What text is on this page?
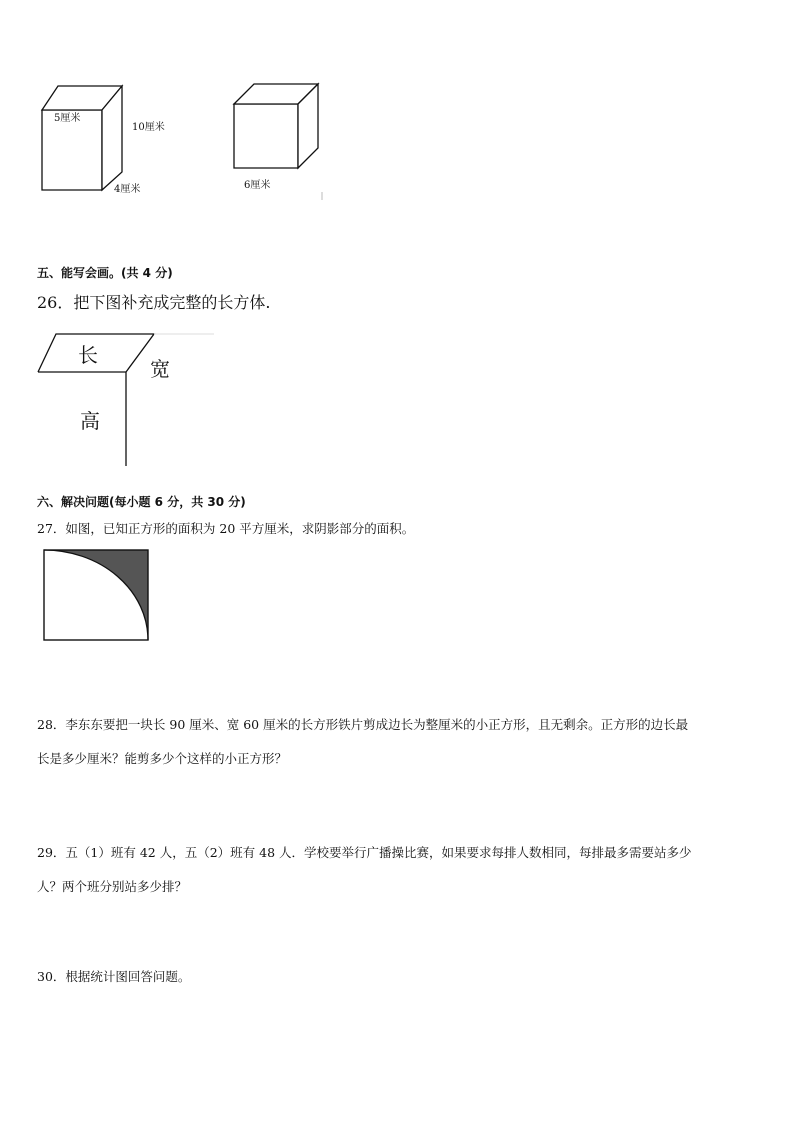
5厘米
10厘米
4厘米	6厘米
五、能写会画。(共 4 分)
26．把下图补充成完整的长方体.
长
宽
高
六、解决问题(每小题 6 分，共 30 分)
27．如图，已知正方形的面积为 20 平方厘米，求阴影部分的面积。
28．李东东要把一块长 90 厘米、宽 60 厘米的长方形铁片剪成边长为整厘米的小正方形，且无剩余。正方形的边长最
长是多少厘米？能剪多少个这样的小正方形？
29．五（1）班有 42 人，五（2）班有 48 人．学校要举行广播操比赛，如果要求每排人数相同，每排最多需要站多少
人？两个班分别站多少排？
30．根据统计图回答问题。
